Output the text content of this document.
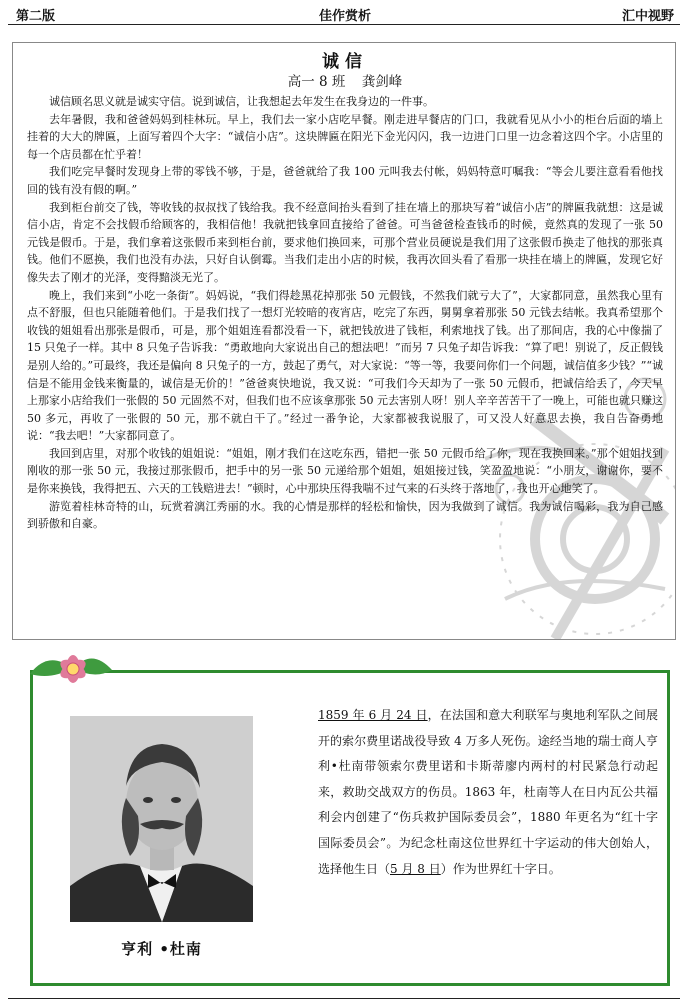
第二版	佳作赏析	汇中视野

诚信

高一 8 班 龚剑峰

诚信顾名思义就是诚实守信。说到诚信，让我想起去年发生在我身边的一件事。

去年暑假，我和爸爸妈妈到桂林玩。早上，我们去一家小店吃早餐。刚走进早餐店的门口，我就看见从小小的柜台后面的墙上挂着的大大的牌匾，上面写着四个大字：“诚信小店”。这块牌匾在阳光下金光闪闪，我一边进门口里一边念着这四个字。小店里的每一个店员都在忙乎着！

我们吃完早餐时发现身上带的零钱不够，于是，爸爸就给了我 100 元叫我去付帐，妈妈特意叮嘱我：“等会儿要注意看看他找回的钱有没有假的啊。”

我到柜台前交了钱，等收钱的叔叔找了钱给我。我不经意间抬头看到了挂在墙上的那块写着“诚信小店”的牌匾我就想：这是诚信小店，肯定不会找假币给顾客的，我相信他！我就把钱拿回直接给了爸爸。可当爸爸检查钱币的时候，竟然真的发现了一张 50 元钱是假币。于是，我们拿着这张假币来到柜台前，要求他们换回来，可那个营业员硬说是我们用了这张假币换走了他找的那张真钱。他们不愿换，我们也没有办法，只好自认倒霉。当我们走出小店的时候，我再次回头看了看那一块挂在墙上的牌匾，发现它好像失去了刚才的光泽，变得黯淡无光了。

晚上，我们来到“小吃一条街”。妈妈说，“我们得趁黑花掉那张 50 元假钱，不然我们就亏大了”，大家都同意，虽然我心里有点不舒服，但也只能随着他们。于是我们找了一想灯光较暗的夜宵店，吃完了东西，舅舅拿着那张 50 元钱去结帐。我真希望那个收钱的姐姐看出那张是假币，可是，那个姐姐连看都没看一下，就把钱放进了钱柜，利索地找了钱。出了那间店，我的心中像揣了 15 只兔子一样。其中 8 只兔子告诉我：“勇敢地向大家说出自己的想法吧！”而另 7 只兔子却告诉我：“算了吧！别说了，反正假钱是别人给的。”可最终，我还是偏向 8 只兔子的一方，鼓起了勇气，对大家说：“等一等，我要问你们一个问题，诚信值多少钱？”“诚信是不能用金钱来衡量的，诚信是无价的！”爸爸爽快地说，我又说：“可我们今天却为了一张 50 元假币，把诚信给丢了，今天早上那家小店给我们一张假的 50 元固然不对，但我们也不应该拿那张 50 元去害别人呀！别人辛辛苦苦干了一晚上，可能也就只赚这 50 多元，再收了一张假的 50 元，那不就白干了。”经过一番争论，大家都被我说服了，可又没人好意思去换，我自告奋勇地说：“我去吧！”大家都同意了。

我回到店里，对那个收钱的姐姐说：“姐姐，刚才我们在这吃东西，错把一张 50 元假币给了你，现在我换回来。”那个姐姐找到刚收的那一张 50 元，我接过那张假币，把手中的另一张 50 元递给那个姐姐，姐姐接过钱，笑盈盈地说：“小朋友，谢谢你，要不是你来换钱，我得把五、六天的工钱赔进去！”顿时，心中那块压得我喘不过气来的石头终于落地了，我也开心地笑了。

游览着桂林奇特的山，玩赏着漓江秀丽的水。我的心情是那样的轻松和愉快，因为我做到了诚信。我为诚信喝彩，我为自己感到骄傲和自豪。

亨利 •杜南
1859 年 6 月 24 日，在法国和意大利联军与奥地利军队之间展开的索尔费里诺战役导致 4 万多人死伤。途经当地的瑞士商人亨利•杜南带领索尔费里诺和卡斯蒂廖内两村的村民紧急行动起来，救助交战双方的伤员。1863 年，杜南等人在日内瓦公共福利会内创建了“伤兵救护国际委员会”，1880 年更名为“红十字国际委员会”。为纪念杜南这位世界红十字运动的伟大创始人，选择他生日（5 月 8 日）作为世界红十字日。
